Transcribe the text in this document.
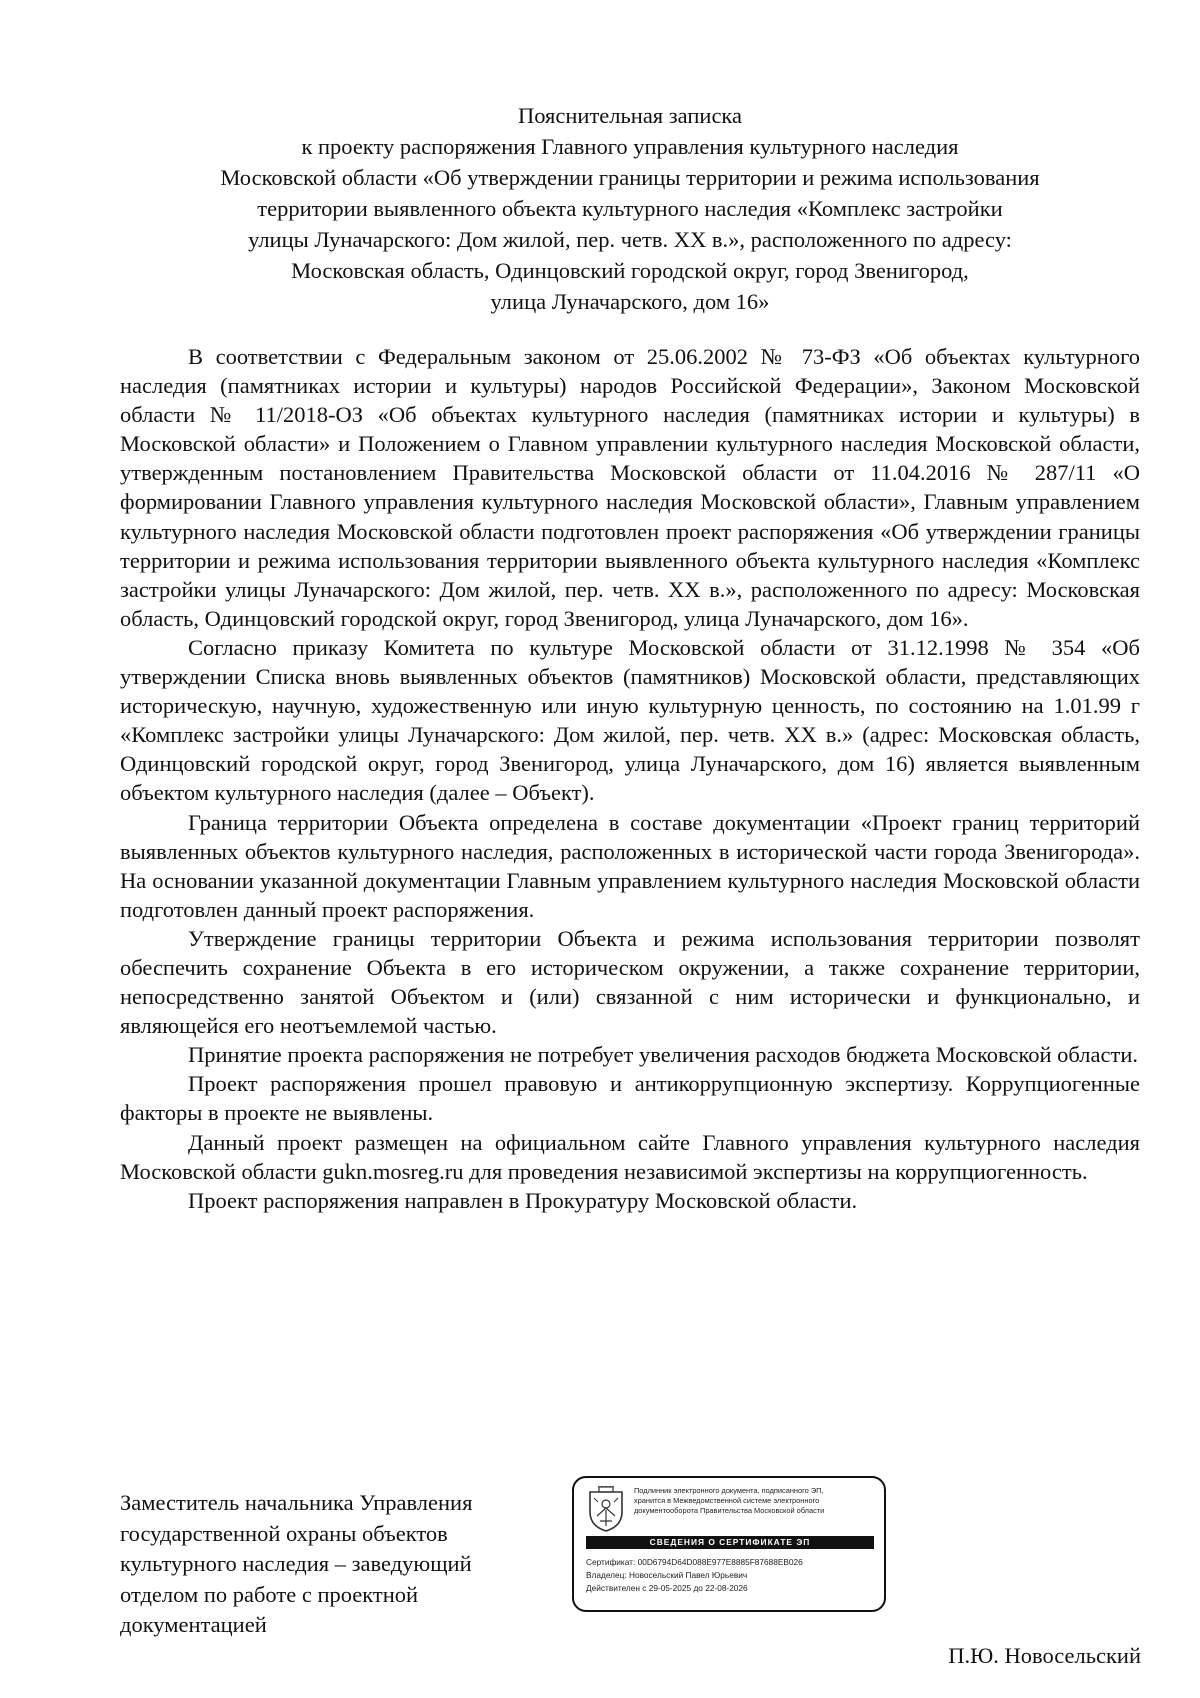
Пояснительная записка
к проекту распоряжения Главного управления культурного наследия
Московской области «Об утверждении границы территории и режима использования
территории выявленного объекта культурного наследия «Комплекс застройки
улицы Луначарского: Дом жилой, пер. четв. XX в.», расположенного по адресу:
Московская область, Одинцовский городской округ, город Звенигород,
улица Луначарского, дом 16»

В соответствии с Федеральным законом от 25.06.2002 № 73-ФЗ «Об объектах культурного наследия (памятниках истории и культуры) народов Российской Федерации», Законом Московской области № 11/2018-ОЗ «Об объектах культурного наследия (памятниках истории и культуры) в Московской области» и Положением о Главном управлении культурного наследия Московской области, утвержденным постановлением Правительства Московской области от 11.04.2016 № 287/11 «О формировании Главного управления культурного наследия Московской области», Главным управлением культурного наследия Московской области подготовлен проект распоряжения «Об утверждении границы территории и режима использования территории выявленного объекта культурного наследия «Комплекс застройки улицы Луначарского: Дом жилой, пер. четв. XX в.», расположенного по адресу: Московская область, Одинцовский городской округ, город Звенигород, улица Луначарского, дом 16».

Согласно приказу Комитета по культуре Московской области от 31.12.1998 № 354 «Об утверждении Списка вновь выявленных объектов (памятников) Московской области, представляющих историческую, научную, художественную или иную культурную ценность, по состоянию на 1.01.99 г «Комплекс застройки улицы Луначарского: Дом жилой, пер. четв. XX в.» (адрес: Московская область, Одинцовский городской округ, город Звенигород, улица Луначарского, дом 16) является выявленным объектом культурного наследия (далее – Объект).

Граница территории Объекта определена в составе документации «Проект границ территорий выявленных объектов культурного наследия, расположенных в исторической части города Звенигорода». На основании указанной документации Главным управлением культурного наследия Московской области подготовлен данный проект распоряжения.

Утверждение границы территории Объекта и режима использования территории позволят обеспечить сохранение Объекта в его историческом окружении, а также сохранение территории, непосредственно занятой Объектом и (или) связанной с ним исторически и функционально, и являющейся его неотъемлемой частью.

Принятие проекта распоряжения не потребует увеличения расходов бюджета Московской области.

Проект распоряжения прошел правовую и антикоррупционную экспертизу. Коррупциогенные факторы в проекте не выявлены.

Данный проект размещен на официальном сайте Главного управления культурного наследия Московской области gukn.mosreg.ru для проведения независимой экспертизы на коррупциогенность.

Проект распоряжения направлен в Прокуратуру Московской области.

Заместитель начальника Управления
государственной охраны объектов
культурного наследия – заведующий
отделом по работе с проектной
документацией
Подлинник электронного документа, подписанного ЭП,
хранится в Межведомственной системе электронного
документооборота Правительства Московской области
СВЕДЕНИЯ О СЕРТИФИКАТЕ ЭП
Сертификат: 00D6794D64D088E977E8885F87688EB026
Владелец: Новосельский Павел Юрьевич
Действителен с 29-05-2025 до 22-08-2026
П.Ю. Новосельский
